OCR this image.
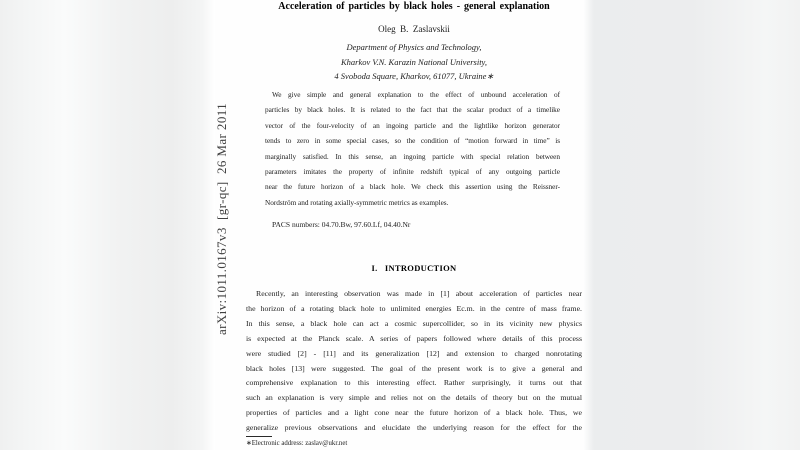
Acceleration of particles by black holes - general explanation
Oleg  B.  Zaslavskii
Department of Physics and Technology,
Kharkov V.N. Karazin National University,
4 Svoboda Square, Kharkov, 61077, Ukraine∗
We give simple and general explanation to the effect of unbound acceleration of
particles by black holes. It is related to the fact that the scalar product of a timelike
vector of the four-velocity of an ingoing particle and the lightlike horizon generator
tends to zero in some special cases, so the condition of “motion forward in time” is
marginally satisfied. In this sense, an ingoing particle with special relation between
parameters imitates the property of infinite redshift typical of any outgoing particle
near the future horizon of a black hole. We check this assertion using the Reissner-
Nordström and rotating axially-symmetric metrics as examples.
PACS numbers: 04.70.Bw, 97.60.Lf, 04.40.Nr
I.   INTRODUCTION
Recently, an interesting observation was made in [1] about acceleration of particles near
the horizon of a rotating black hole to unlimited energies Ec.m. in the centre of mass frame.
In this sense, a black hole can act a cosmic supercollider, so in its vicinity new physics
is expected at the Planck scale. A series of papers followed where details of this process
were studied [2] - [11] and its generalization [12] and extension to charged nonrotating
black holes [13] were suggested. The goal of the present work is to give a general and
comprehensive explanation to this interesting effect. Rather surprisingly, it turns out that
such an explanation is very simple and relies not on the details of theory but on the mutual
properties of particles and a light cone near the future horizon of a black hole. Thus, we
generalize previous observations and elucidate the underlying reason for the effect for the
∗Electronic address: zaslav@ukr.net
arXiv:1011.0167v3  [gr-qc]  26 Mar 2011
